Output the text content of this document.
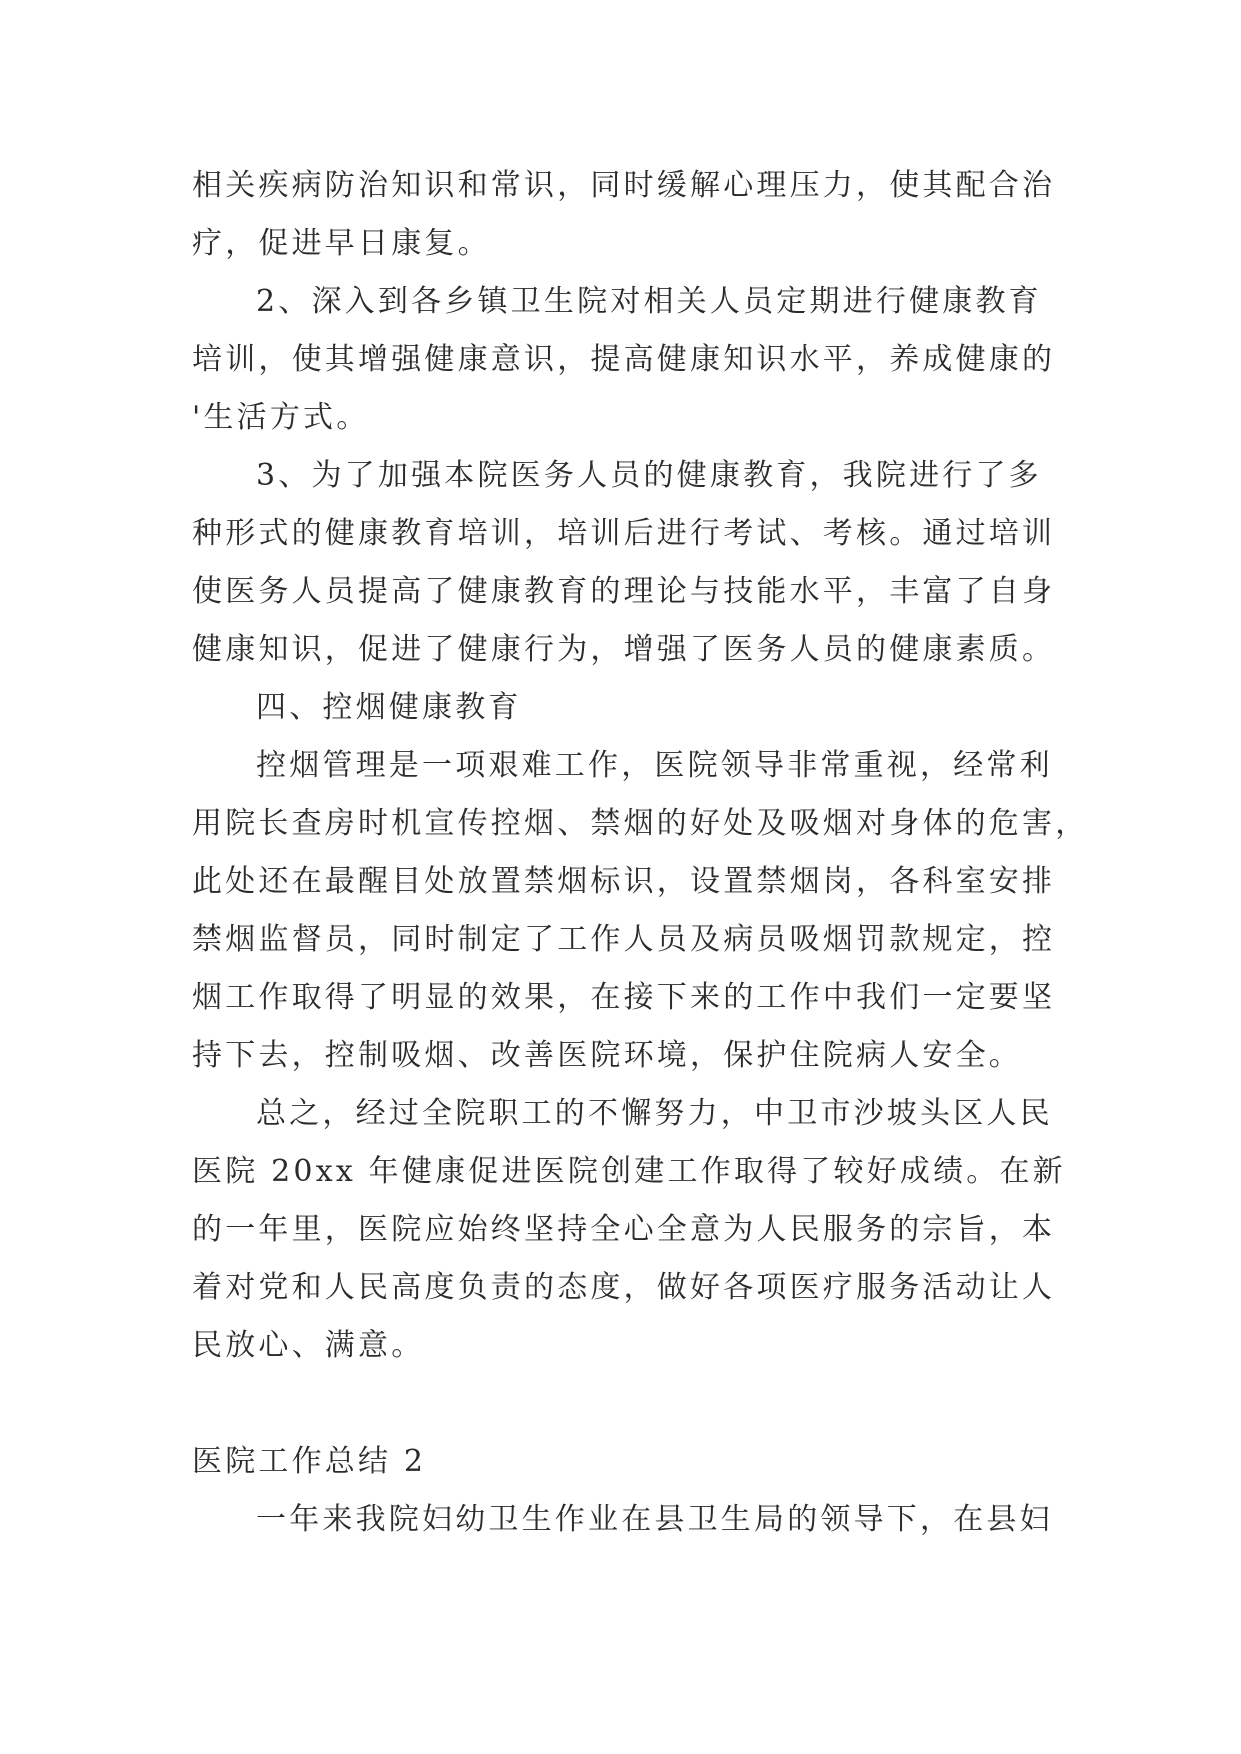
相关疾病防治知识和常识，同时缓解心理压力，使其配合治
疗，促进早日康复。
2、深入到各乡镇卫生院对相关人员定期进行健康教育
培训，使其增强健康意识，提高健康知识水平，养成健康的
'生活方式。
3、为了加强本院医务人员的健康教育，我院进行了多
种形式的健康教育培训，培训后进行考试、考核。通过培训
使医务人员提高了健康教育的理论与技能水平，丰富了自身
健康知识，促进了健康行为，增强了医务人员的健康素质。
四、控烟健康教育
控烟管理是一项艰难工作，医院领导非常重视，经常利
用院长查房时机宣传控烟、禁烟的好处及吸烟对身体的危害，
此处还在最醒目处放置禁烟标识，设置禁烟岗，各科室安排
禁烟监督员，同时制定了工作人员及病员吸烟罚款规定，控
烟工作取得了明显的效果，在接下来的工作中我们一定要坚
持下去，控制吸烟、改善医院环境，保护住院病人安全。
总之，经过全院职工的不懈努力，中卫市沙坡头区人民
医院 20xx 年健康促进医院创建工作取得了较好成绩。在新
的一年里，医院应始终坚持全心全意为人民服务的宗旨，本
着对党和人民高度负责的态度，做好各项医疗服务活动让人
民放心、满意。
医院工作总结 2
一年来我院妇幼卫生作业在县卫生局的领导下，在县妇
